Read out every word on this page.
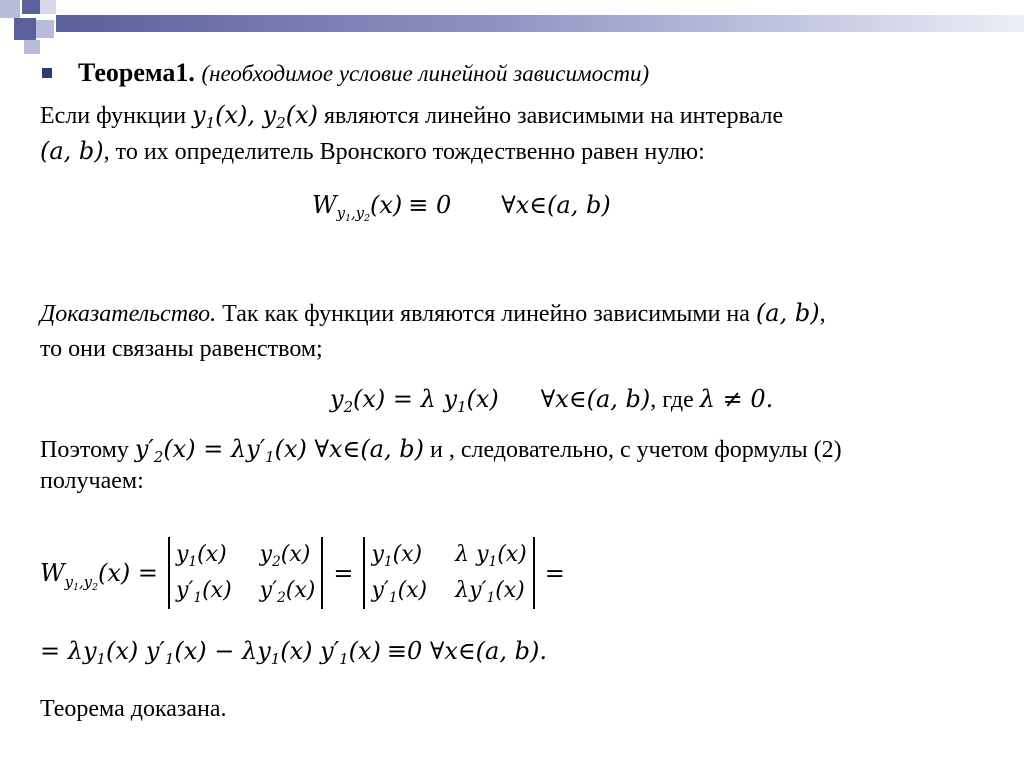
Теорема1. (необходимое условие линейной зависимости)
Если функции $y_1(x)$, $y_2(x)$ являются линейно зависимыми на интервале
(a, b), то их определитель Вронского тождественно равен нулю:
$W_{y_1,y_2}(x) \equiv 0$ ∀x∈(a, b)
Доказательство. Так как функции являются линейно зависимыми на (a, b),
то они связаны равенством;
$y_2(x) = \lambda$ $y_1(x)$ ∀x∈(a, b), где λ ≠ 0.
Поэтому $y'_2(x) = \lambda y'_1(x)$ ∀x∈(a, b) и , следовательно, с учетом формулы (2)
получаем:
$W_{y_1,y_2}(x)$ =
$y_1(x)$	$y_2(x)$
$y'_1(x)$	$y'_2(x)$
=
$y_1(x)$	λ $y_1(x)$
$y'_1(x)$	$\lambda y'_1(x)$
=
= $\lambda y_1(x) y'_1(x) - \lambda y_1(x)$ $y'_1(x) \equiv 0$ ∀x∈(a, b).
Теорема доказана.
